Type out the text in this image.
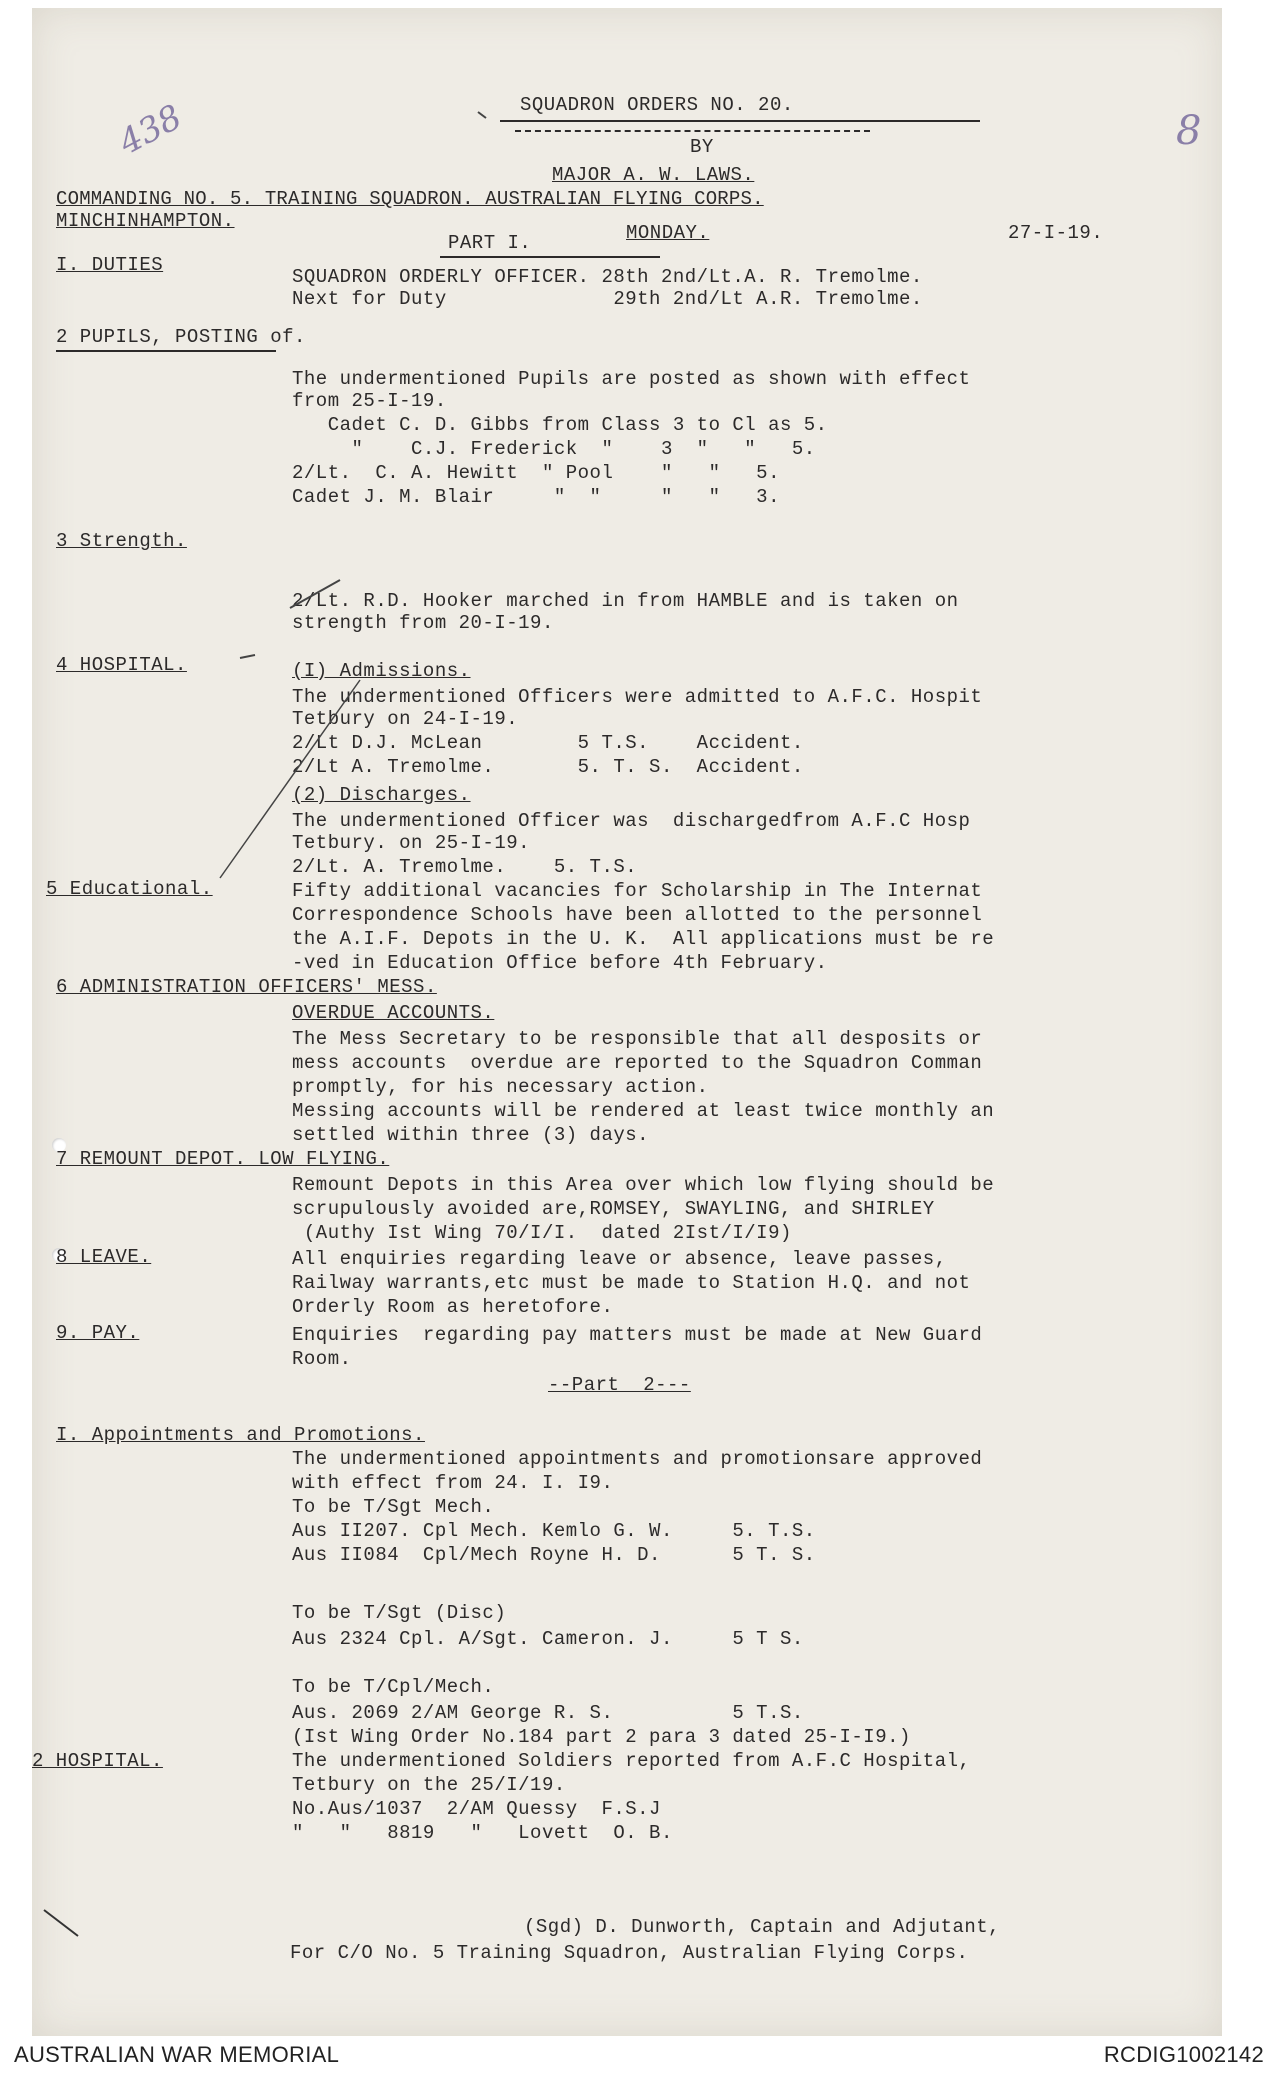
438	8
SQUADRON ORDERS NO. 20.
BY
MAJOR A. W. LAWS.
COMMANDING NO. 5. TRAINING SQUADRON. AUSTRALIAN FLYING CORPS.
MINCHINHAMPTON.
MONDAY.	27-I-19.
PART I.
I. DUTIES
SQUADRON ORDERLY OFFICER. 28th 2nd/Lt.A. R. Tremolme.
Next for Duty              29th 2nd/Lt A.R. Tremolme.
2 PUPILS, POSTING of.
The undermentioned Pupils are posted as shown with effect
from 25-I-19.
Cadet C. D. Gibbs from Class 3 to Cl as 5.
"    C.J. Frederick  "    3  "   "   5.
2/Lt.  C. A. Hewitt  " Pool    "   "   5.
Cadet J. M. Blair     "  "     "   "   3.
3 Strength.
2/Lt. R.D. Hooker marched in from HAMBLE and is taken on
strength from 20-I-19.
4 HOSPITAL.	(I) Admissions.
The undermentioned Officers were admitted to A.F.C. Hospit
Tetbury on 24-I-19.
2/Lt D.J. McLean        5 T.S.    Accident.
2/Lt A. Tremolme.       5. T. S.  Accident.
(2) Discharges.
The undermentioned Officer was  dischargedfrom A.F.C Hosp
Tetbury. on 25-I-19.
2/Lt. A. Tremolme.    5. T.S.
5 Educational.	Fifty additional vacancies for Scholarship in The Internat
Correspondence Schools have been allotted to the personnel
the A.I.F. Depots in the U. K.  All applications must be re
-ved in Education Office before 4th February.
6 ADMINISTRATION OFFICERS' MESS.
OVERDUE ACCOUNTS.
The Mess Secretary to be responsible that all desposits or
mess accounts  overdue are reported to the Squadron Comman
promptly, for his necessary action.
Messing accounts will be rendered at least twice monthly an
settled within three (3) days.
7 REMOUNT DEPOT. LOW FLYING.
Remount Depots in this Area over which low flying should be
scrupulously avoided are,ROMSEY, SWAYLING, and SHIRLEY
(Authy Ist Wing 70/I/I.  dated 2Ist/I/I9)
8 LEAVE.	All enquiries regarding leave or absence, leave passes,
Railway warrants,etc must be made to Station H.Q. and not
Orderly Room as heretofore.
9. PAY.	Enquiries  regarding pay matters must be made at New Guard
Room.
--Part  2---
I. Appointments and Promotions.
The undermentioned appointments and promotionsare approved
with effect from 24. I. I9.
To be T/Sgt Mech.
Aus II207. Cpl Mech. Kemlo G. W.     5. T.S.
Aus II084  Cpl/Mech Royne H. D.      5 T. S.
To be T/Sgt (Disc)
Aus 2324 Cpl. A/Sgt. Cameron. J.     5 T S.
To be T/Cpl/Mech.
Aus. 2069 2/AM George R. S.          5 T.S.
(Ist Wing Order No.184 part 2 para 3 dated 25-I-I9.)
2 HOSPITAL.	The undermentioned Soldiers reported from A.F.C Hospital,
Tetbury on the 25/I/19.
No.Aus/1037  2/AM Quessy  F.S.J
"   "   8819   "   Lovett  O. B.
(Sgd) D. Dunworth, Captain and Adjutant,
For C/O No. 5 Training Squadron, Australian Flying Corps.
AUSTRALIAN WAR MEMORIAL	RCDIG1002142
